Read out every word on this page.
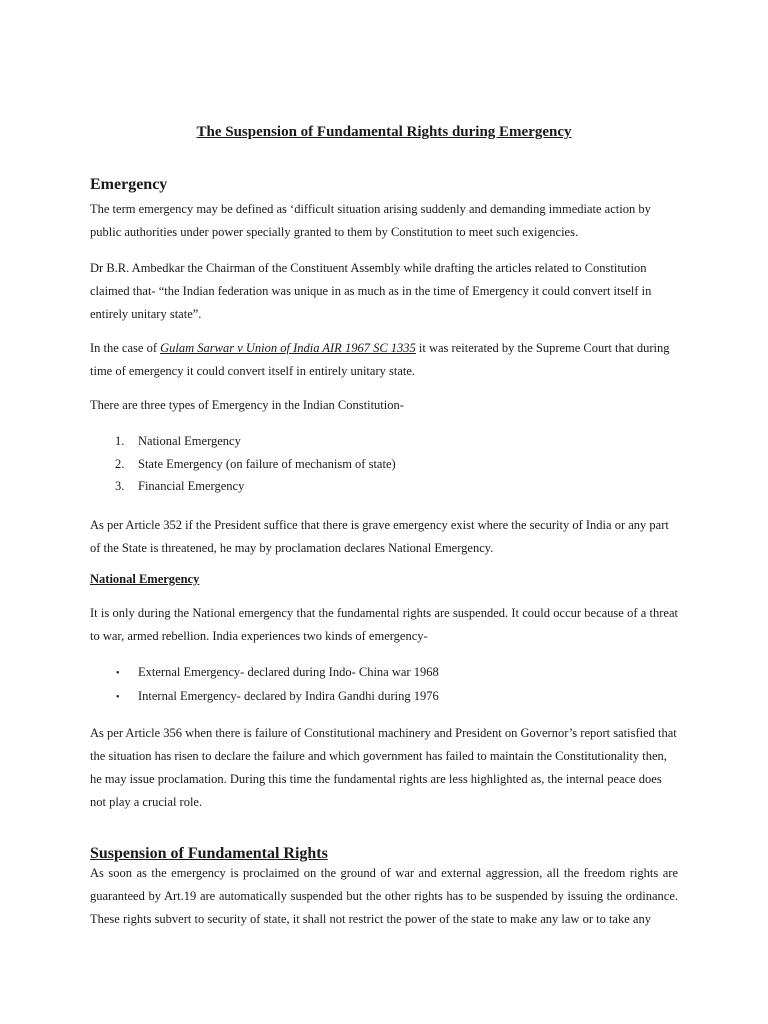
The Suspension of Fundamental Rights during Emergency
Emergency

The term emergency may be defined as ‘difficult situation arising suddenly and demanding immediate action by public authorities under power specially granted to them by Constitution to meet such exigencies.

Dr B.R. Ambedkar the Chairman of the Constituent Assembly while drafting the articles related to Constitution claimed that- “the Indian federation was unique in as much as in the time of Emergency it could convert itself in entirely unitary state”.

In the case of Gulam Sarwar v Union of India AIR 1967 SC 1335 it was reiterated by the Supreme Court that during
time of emergency it could convert itself in entirely unitary state.
There are three types of Emergency in the Indian Constitution-
1. National Emergency
2. State Emergency (on failure of mechanism of state)
3. Financial Emergency

As per Article 352 if the President suffice that there is grave emergency exist where the security of India or any part of the State is threatened, he may by proclamation declares National Emergency.

National Emergency

It is only during the National emergency that the fundamental rights are suspended. It could occur because of a threat to war, armed rebellion. India experiences two kinds of emergency-

• External Emergency- declared during Indo- China war 1968
• Internal Emergency- declared by Indira Gandhi during 1976

As per Article 356 when there is failure of Constitutional machinery and President on Governor’s report satisfied that the situation has risen to declare the failure and which government has failed to maintain the Constitutionality then, he may issue proclamation. During this time the fundamental rights are less highlighted as, the internal peace does not play a crucial role.

Suspension of Fundamental Rights

As soon as the emergency is proclaimed on the ground of war and external aggression, all the freedom rights are guaranteed by Art.19 are automatically suspended but the other rights has to be suspended by issuing the ordinance. These rights subvert to security of state, it shall not restrict the power of the state to make any law or to take any
